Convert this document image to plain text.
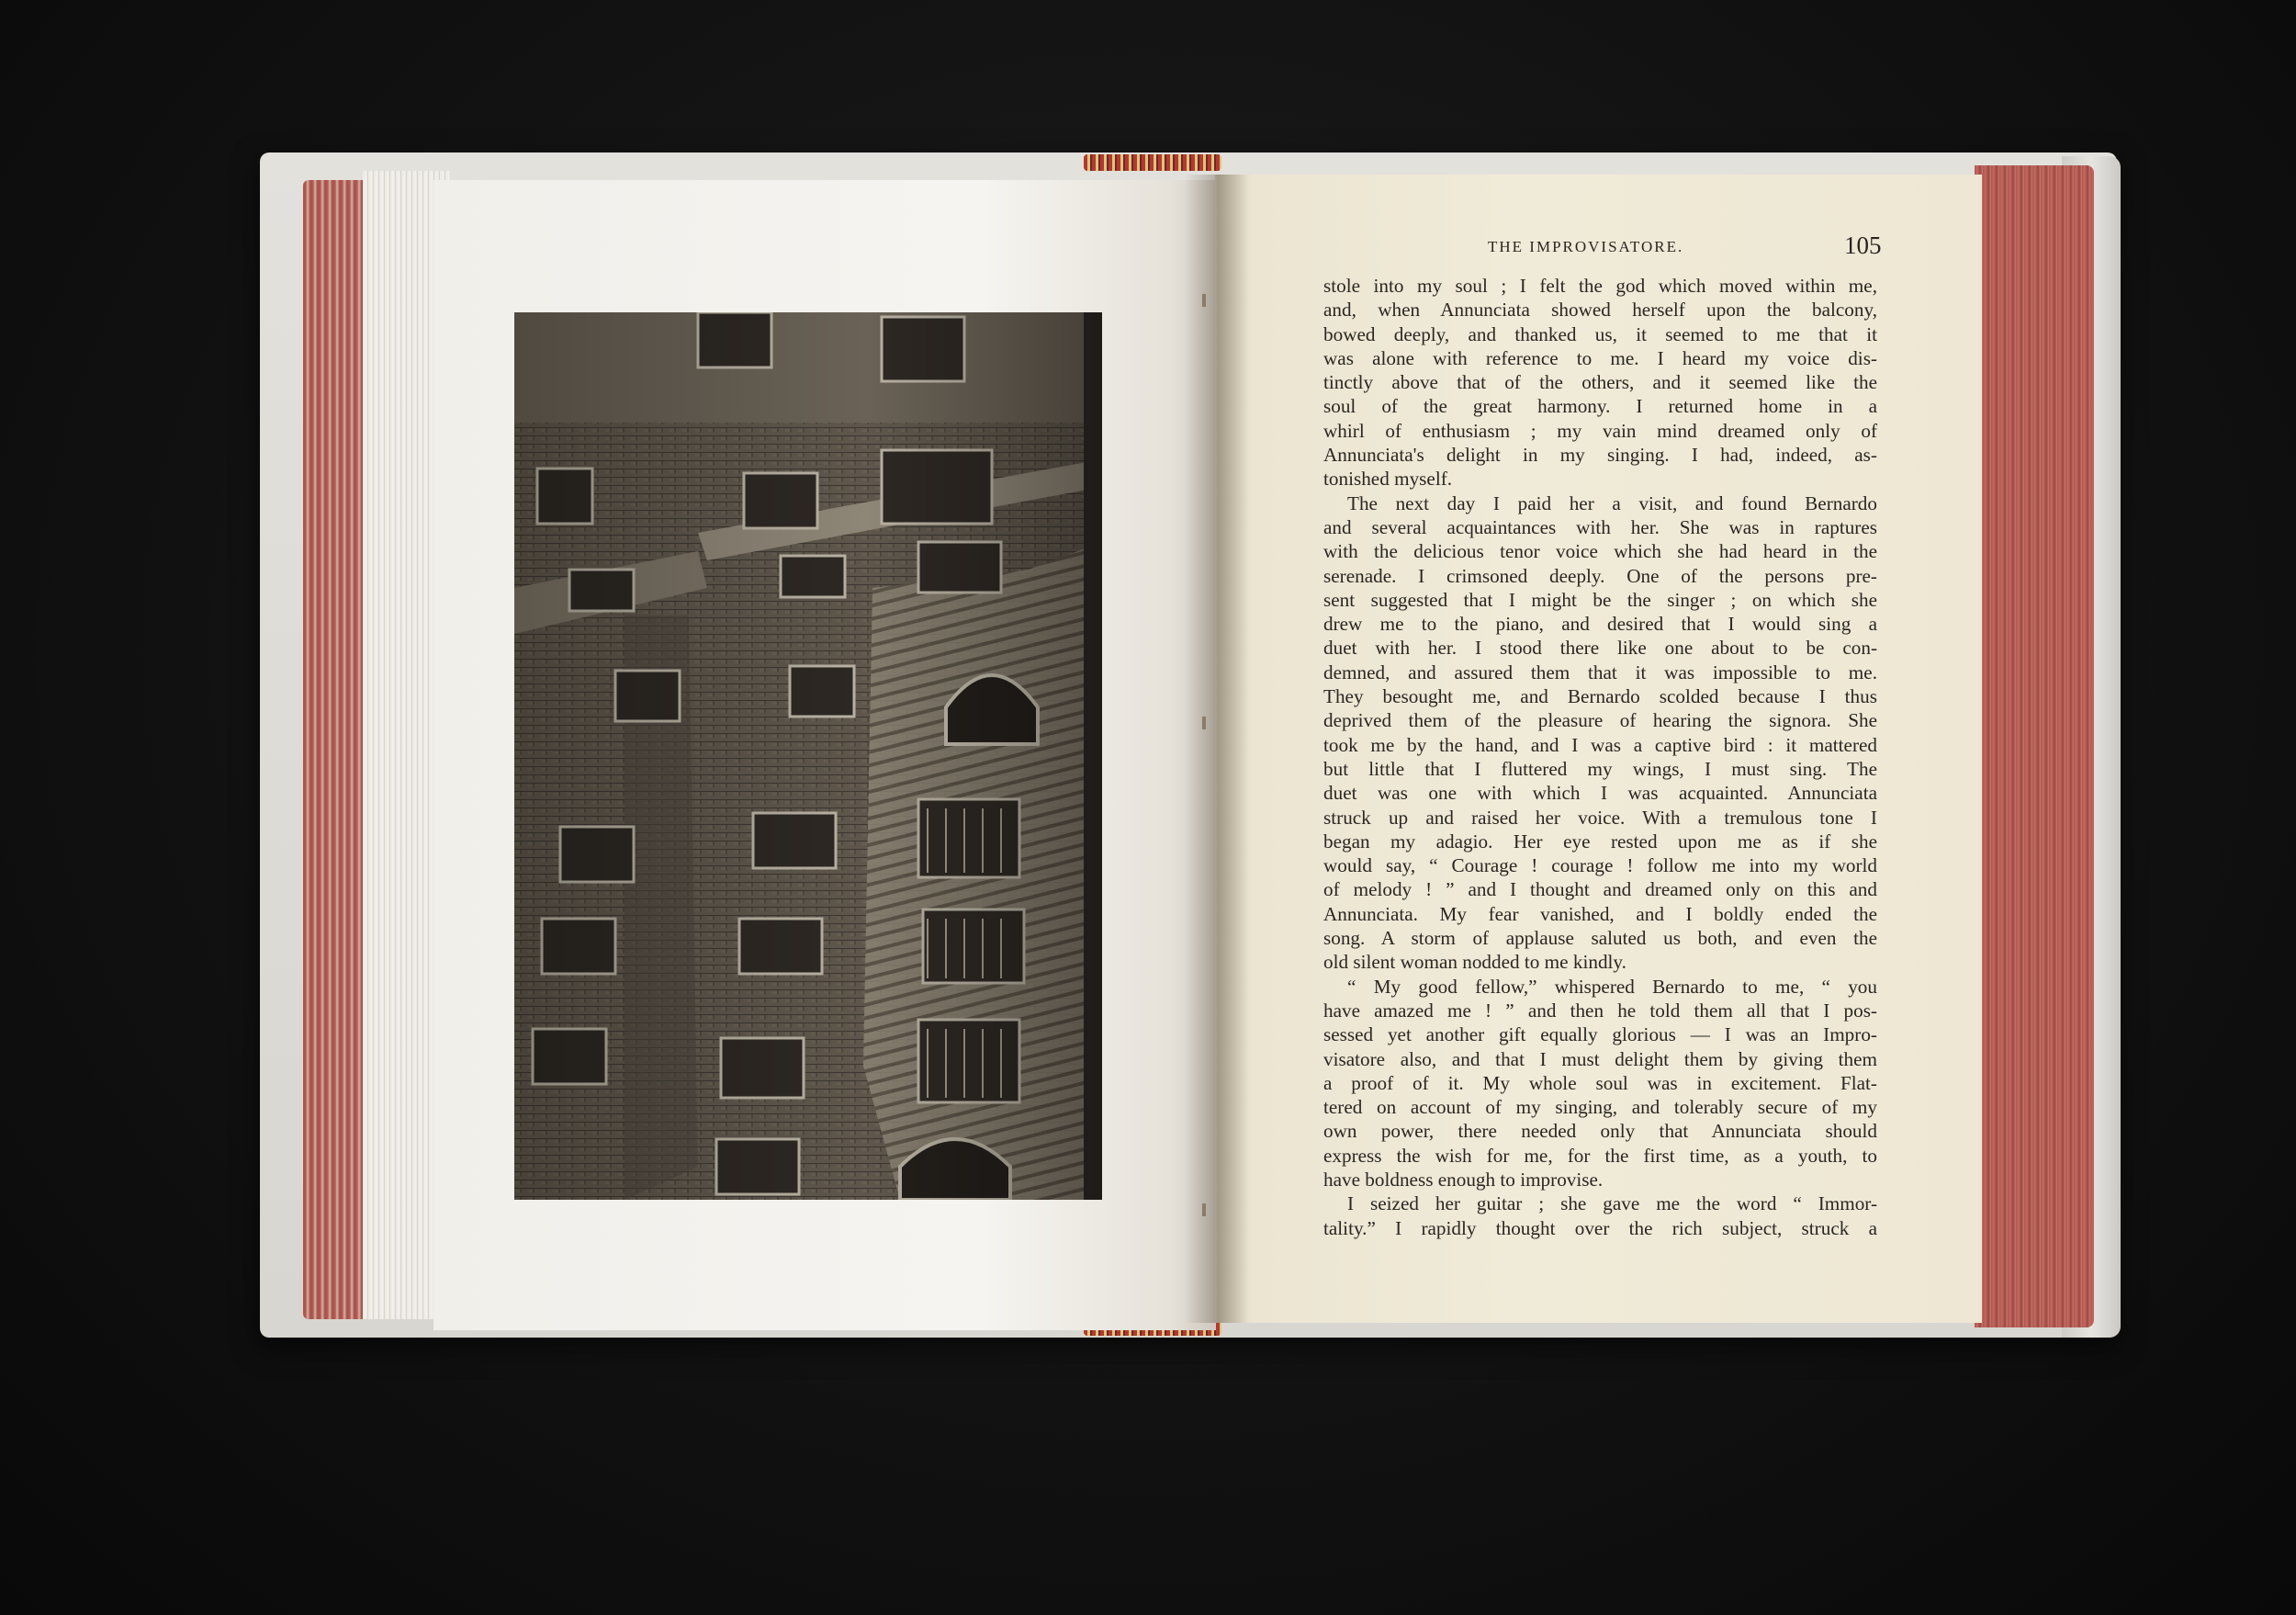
THE IMPROVISATORE.	105
stole into my soul ; I felt the god which moved within me,
and, when Annunciata showed herself upon the balcony,
bowed deeply, and thanked us, it seemed to me that it
was alone with reference to me. I heard my voice dis-
tinctly above that of the others, and it seemed like the
soul of the great harmony. I returned home in a
whirl of enthusiasm ; my vain mind dreamed only of
Annunciata's delight in my singing. I had, indeed, as-
tonished myself.
The next day I paid her a visit, and found Bernardo
and several acquaintances with her. She was in raptures
with the delicious tenor voice which she had heard in the
serenade. I crimsoned deeply. One of the persons pre-
sent suggested that I might be the singer ; on which she
drew me to the piano, and desired that I would sing a
duet with her. I stood there like one about to be con-
demned, and assured them that it was impossible to me.
They besought me, and Bernardo scolded because I thus
deprived them of the pleasure of hearing the signora. She
took me by the hand, and I was a captive bird : it mattered
but little that I fluttered my wings, I must sing. The
duet was one with which I was acquainted. Annunciata
struck up and raised her voice. With a tremulous tone I
began my adagio. Her eye rested upon me as if she
would say, “ Courage ! courage ! follow me into my world
of melody ! ” and I thought and dreamed only on this and
Annunciata. My fear vanished, and I boldly ended the
song. A storm of applause saluted us both, and even the
old silent woman nodded to me kindly.
“ My good fellow,” whispered Bernardo to me, “ you
have amazed me ! ” and then he told them all that I pos-
sessed yet another gift equally glorious — I was an Impro-
visatore also, and that I must delight them by giving them
a proof of it. My whole soul was in excitement. Flat-
tered on account of my singing, and tolerably secure of my
own power, there needed only that Annunciata should
express the wish for me, for the first time, as a youth, to
have boldness enough to improvise.
I seized her guitar ; she gave me the word “ Immor-
tality.” I rapidly thought over the rich subject, struck a
